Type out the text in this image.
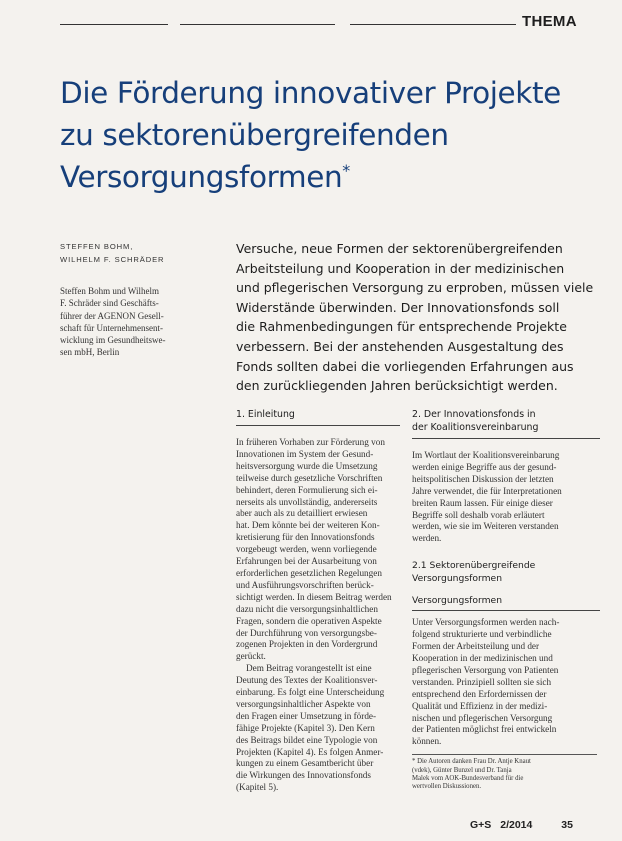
THEMA
Die Förderung innovativer Projekte
zu sektorenübergreifenden
Versorgungsformen*
STEFFEN BOHM,
WILHELM F. SCHRÄDER
Steffen Bohm und Wilhelm
F. Schräder sind Geschäfts-
führer der AGENON Gesell-
schaft für Unternehmensent-
wicklung im Gesundheitswe-
sen mbH, Berlin
Versuche, neue Formen der sektorenübergreifenden
Arbeitsteilung und Kooperation in der medizinischen
und pflegerischen Versorgung zu erproben, müssen viele
Widerstände überwinden. Der Innovationsfonds soll
die Rahmenbedingungen für entsprechende Projekte
verbessern. Bei der anstehenden Ausgestaltung des
Fonds sollten dabei die vorliegenden Erfahrungen aus
den zurückliegenden Jahren berücksichtigt werden.
1. Einleitung
In früheren Vorhaben zur Förderung von
Innovationen im System der Gesund-
heitsversorgung wurde die Umsetzung
teilweise durch gesetzliche Vorschriften
behindert, deren Formulierung sich ei-
nerseits als unvollständig, andererseits
aber auch als zu detailliert erwiesen
hat. Dem könnte bei der weiteren Kon-
kretisierung für den Innovationsfonds
vorgebeugt werden, wenn vorliegende
Erfahrungen bei der Ausarbeitung von
erforderlichen gesetzlichen Regelungen
und Ausführungsvorschriften berück-
sichtigt werden. In diesem Beitrag werden
dazu nicht die versorgungsinhaltlichen
Fragen, sondern die operativen Aspekte
der Durchführung von versorgungsbe-
zogenen Projekten in den Vordergrund
gerückt.
Dem Beitrag vorangestellt ist eine
Deutung des Textes der Koalitionsver-
einbarung. Es folgt eine Unterscheidung
versorgungsinhaltlicher Aspekte von
den Fragen einer Umsetzung in förde-
fähige Projekte (Kapitel 3). Den Kern
des Beitrags bildet eine Typologie von
Projekten (Kapitel 4). Es folgen Anmer-
kungen zu einem Gesamtbericht über
die Wirkungen des Innovationsfonds
(Kapitel 5).
2. Der Innovationsfonds in
der Koalitionsvereinbarung
Im Wortlaut der Koalitionsvereinbarung
werden einige Begriffe aus der gesund-
heitspolitischen Diskussion der letzten
Jahre verwendet, die für Interpretationen
breiten Raum lassen. Für einige dieser
Begriffe soll deshalb vorab erläutert
werden, wie sie im Weiteren verstanden
werden.
2.1 Sektorenübergreifende
Versorgungsformen
Versorgungsformen
Unter Versorgungsformen werden nach-
folgend strukturierte und verbindliche
Formen der Arbeitsteilung und der
Kooperation in der medizinischen und
pflegerischen Versorgung von Patienten
verstanden. Prinzipiell sollten sie sich
entsprechend den Erfordernissen der
Qualität und Effizienz in der medizi-
nischen und pflegerischen Versorgung
der Patienten möglichst frei entwickeln
können.
* Die Autoren danken Frau Dr. Antje Knaut
(vdek), Günter Bunzel und Dr. Tanja
Malek vom AOK-Bundesverband für die
wertvollen Diskussionen.
G+S 2/2014	35
